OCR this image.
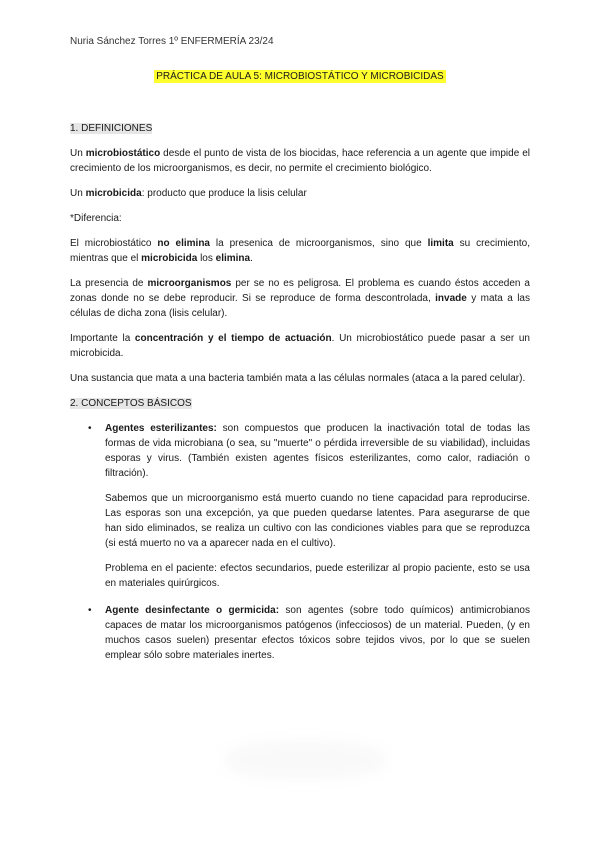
Nuria Sánchez Torres 1º ENFERMERÍA 23/24
PRÁCTICA DE AULA 5: MICROBIOSTÁTICO Y MICROBICIDAS

1. DEFINICIONES

Un microbiostático desde el punto de vista de los biocidas, hace referencia a un agente que impide el crecimiento de los microorganismos, es decir, no permite el crecimiento biológico.

Un microbicida: producto que produce la lisis celular

*Diferencia:

El microbiostático no elimina la presenica de microorganismos, sino que limita su crecimiento, mientras que el microbicida los elimina.

La presencia de microorganismos per se no es peligrosa. El problema es cuando éstos acceden a zonas donde no se debe reproducir. Si se reproduce de forma descontrolada, invade y mata a las células de dicha zona (lisis celular).

Importante la concentración y el tiempo de actuación. Un microbiostático puede pasar a ser un microbicida.

Una sustancia que mata a una bacteria también mata a las células normales (ataca a la pared celular).

2. CONCEPTOS BÁSICOS

• Agentes esterilizantes: son compuestos que producen la inactivación total de todas las formas de vida microbiana (o sea, su "muerte" o pérdida irreversible de su viabilidad), incluidas esporas y virus. (También existen agentes físicos esterilizantes, como calor, radiación o filtración).

Sabemos que un microorganismo está muerto cuando no tiene capacidad para reproducirse. Las esporas son una excepción, ya que pueden quedarse latentes. Para asegurarse de que han sido eliminados, se realiza un cultivo con las condiciones viables para que se reproduzca (si está muerto no va a aparecer nada en el cultivo).

Problema en el paciente: efectos secundarios, puede esterilizar al propio paciente, esto se usa en materiales quirúrgicos.

• Agente desinfectante o germicida: son agentes (sobre todo químicos) antimicrobianos capaces de matar los microorganismos patógenos (infecciosos) de un material. Pueden, (y en muchos casos suelen) presentar efectos tóxicos sobre tejidos vivos, por lo que se suelen emplear sólo sobre materiales inertes.
